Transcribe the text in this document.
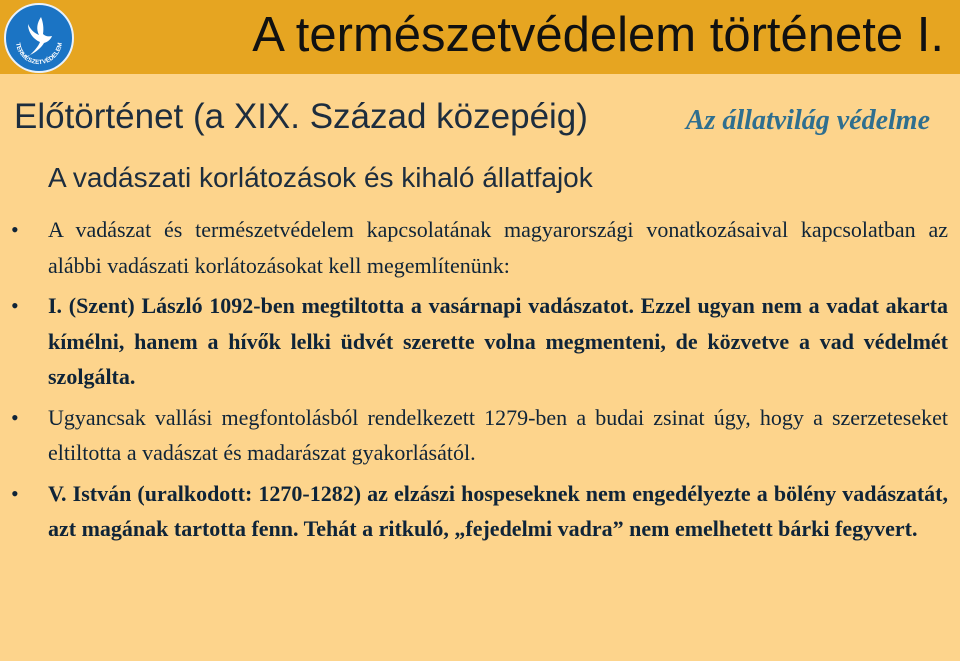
TERMÉSZETVÉDELEM	A természetvédelem története I.
Előtörténet (a XIX. Század közepéig)	Az állatvilág védelme
A vadászati korlátozások és kihaló állatfajok
• A vadászat és természetvédelem kapcsolatának magyarországi vonatkozásaival kapcsolatban az alábbi vadászati korlátozásokat kell megemlítenünk:
• I. (Szent) László 1092-ben megtiltotta a vasárnapi vadászatot. Ezzel ugyan nem a vadat akarta kímélni, hanem a hívők lelki üdvét szerette volna megmenteni, de közvetve a vad védelmét szolgálta.
• Ugyancsak vallási megfontolásból rendelkezett 1279-ben a budai zsinat úgy, hogy a szerzeteseket eltiltotta a vadászat és madarászat gyakorlásától.
• V. István (uralkodott: 1270-1282) az elzászi hospeseknek nem engedélyezte a bölény vadászatát, azt magának tartotta fenn. Tehát a ritkuló, „fejedelmi vadra” nem emelhetett bárki fegyvert.
